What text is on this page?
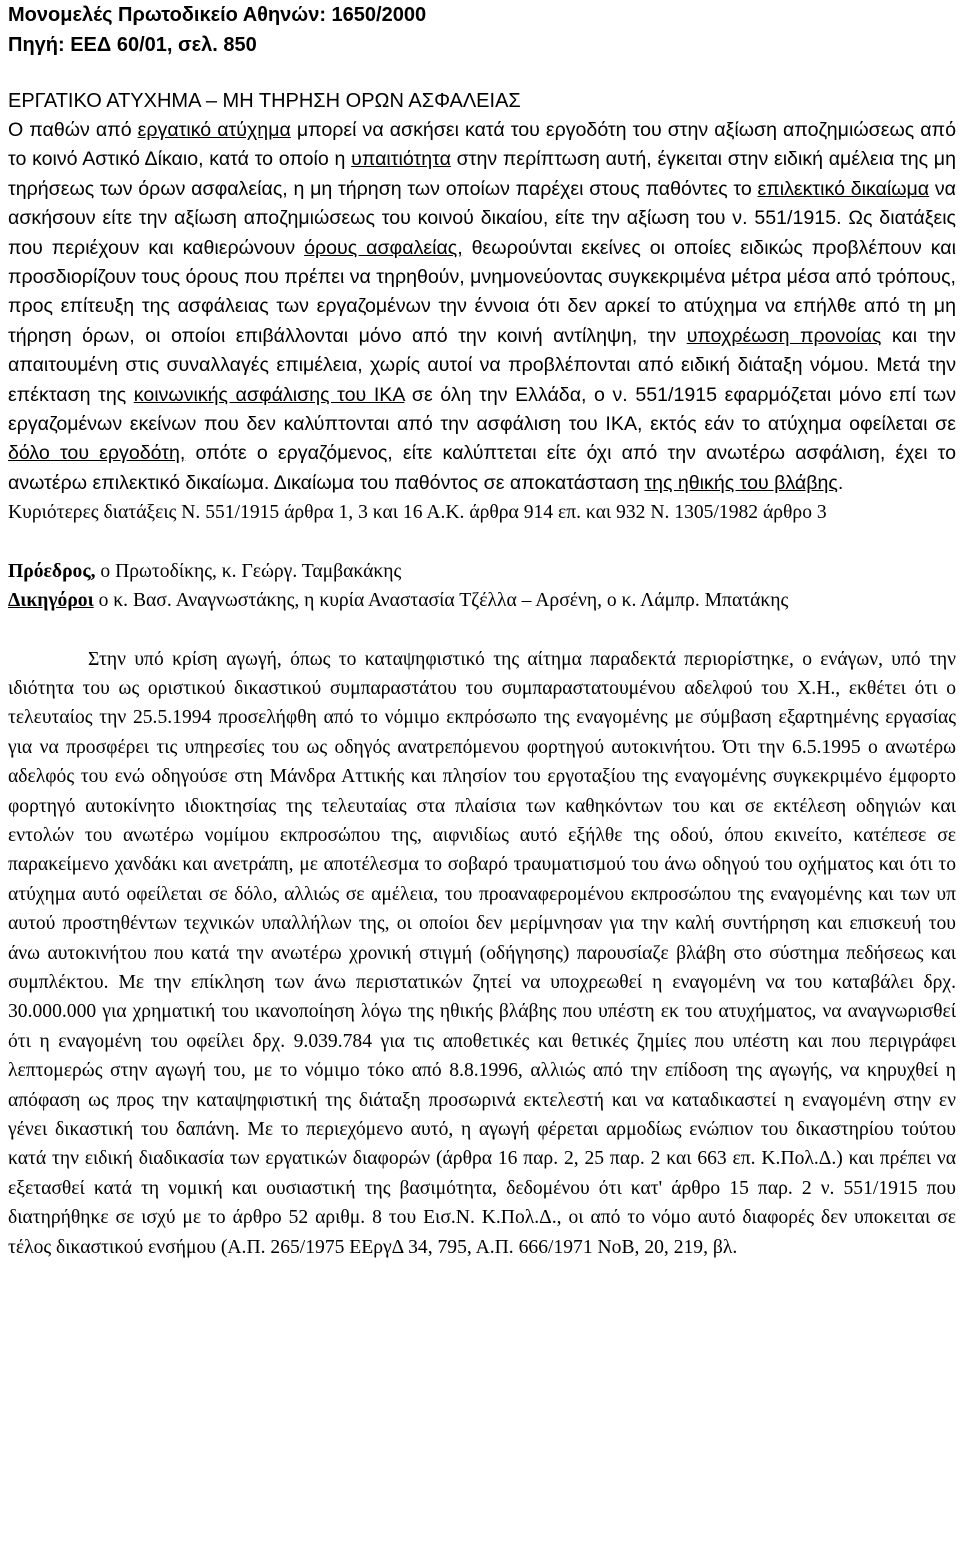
Μονομελές Πρωτοδικείο Αθηνών: 1650/2000
Πηγή: ΕΕΔ 60/01, σελ. 850
ΕΡΓΑΤΙΚΟ ΑΤΥΧΗΜΑ – ΜΗ ΤΗΡΗΣΗ ΟΡΩΝ ΑΣΦΑΛΕΙΑΣ

Ο παθών από εργατικό ατύχημα μπορεί να ασκήσει κατά του εργοδότη του στην αξίωση αποζημιώσεως από το κοινό Αστικό Δίκαιο, κατά το οποίο η υπαιτιότητα στην περίπτωση αυτή, έγκειται στην ειδική αμέλεια της μη τηρήσεως των όρων ασφαλείας, η μη τήρηση των οποίων παρέχει στους παθόντες το επιλεκτικό δικαίωμα να ασκήσουν είτε την αξίωση αποζημιώσεως του κοινού δικαίου, είτε την αξίωση του ν. 551/1915. Ως διατάξεις που περιέχουν και καθιερώνουν όρους ασφαλείας, θεωρούνται εκείνες οι οποίες ειδικώς προβλέπουν και προσδιορίζουν τους όρους που πρέπει να τηρηθούν, μνημονεύοντας συγκεκριμένα μέτρα μέσα από τρόπους, προς επίτευξη της ασφάλειας των εργαζομένων την έννοια ότι δεν αρκεί το ατύχημα να επήλθε από τη μη τήρηση όρων, οι οποίοι επιβάλλονται μόνο από την κοινή αντίληψη, την υποχρέωση προνοίας και την απαιτουμένη στις συναλλαγές επιμέλεια, χωρίς αυτοί να προβλέπονται από ειδική διάταξη νόμου. Μετά την επέκταση της κοινωνικής ασφάλισης του ΙΚΑ σε όλη την Ελλάδα, ο ν. 551/1915 εφαρμόζεται μόνο επί των εργαζομένων εκείνων που δεν καλύπτονται από την ασφάλιση του ΙΚΑ, εκτός εάν το ατύχημα οφείλεται σε δόλο του εργοδότη, οπότε ο εργαζόμενος, είτε καλύπτεται είτε όχι από την ανωτέρω ασφάλιση, έχει το ανωτέρω επιλεκτικό δικαίωμα. Δικαίωμα του παθόντος σε αποκατάσταση της ηθικής του βλάβης.

Κυριότερες διατάξεις Ν. 551/1915 άρθρα 1, 3 και 16 Α.Κ. άρθρα 914 επ. και 932 Ν. 1305/1982 άρθρο 3

Πρόεδρος, ο Πρωτοδίκης, κ. Γεώργ. Ταμβακάκης

Δικηγόροι ο κ. Βασ. Αναγνωστάκης, η κυρία Αναστασία Τζέλλα – Αρσένη, ο κ. Λάμπρ. Μπατάκης

Στην υπό κρίση αγωγή, όπως το καταψηφιστικό της αίτημα παραδεκτά περιορίστηκε, ο ενάγων, υπό την ιδιότητα του ως οριστικού δικαστικού συμπαραστάτου του συμπαραστατουμένου αδελφού του Χ.Η., εκθέτει ότι ο τελευταίος την 25.5.1994 προσελήφθη από το νόμιμο εκπρόσωπο της εναγομένης με σύμβαση εξαρτημένης εργασίας για να προσφέρει τις υπηρεσίες του ως οδηγός ανατρεπόμενου φορτηγού αυτοκινήτου. Ότι την 6.5.1995 ο ανωτέρω αδελφός του ενώ οδηγούσε στη Μάνδρα Αττικής και πλησίον του εργοταξίου της εναγομένης συγκεκριμένο έμφορτο φορτηγό αυτοκίνητο ιδιοκτησίας της τελευταίας στα πλαίσια των καθηκόντων του και σε εκτέλεση οδηγιών και εντολών του ανωτέρω νομίμου εκπροσώπου της, αιφνιδίως αυτό εξήλθε της οδού, όπου εκινείτο, κατέπεσε σε παρακείμενο χανδάκι και ανετράπη, με αποτέλεσμα το σοβαρό τραυματισμού του άνω οδηγού του οχήματος και ότι το ατύχημα αυτό οφείλεται σε δόλο, αλλιώς σε αμέλεια, του προαναφερομένου εκπροσώπου της εναγομένης και των υπ αυτού προστηθέντων τεχνικών υπαλλήλων της, οι οποίοι δεν μερίμνησαν για την καλή συντήρηση και επισκευή του άνω αυτοκινήτου που κατά την ανωτέρω χρονική στιγμή (οδήγησης) παρουσίαζε βλάβη στο σύστημα πεδήσεως και συμπλέκτου. Με την επίκληση των άνω περιστατικών ζητεί να υποχρεωθεί η εναγομένη να του καταβάλει δρχ. 30.000.000 για χρηματική του ικανοποίηση λόγω της ηθικής βλάβης που υπέστη εκ του ατυχήματος, να αναγνωρισθεί ότι η εναγομένη του οφείλει δρχ. 9.039.784 για τις αποθετικές και θετικές ζημίες που υπέστη και που περιγράφει λεπτομερώς στην αγωγή του, με το νόμιμο τόκο από 8.8.1996, αλλιώς από την επίδοση της αγωγής, να κηρυχθεί η απόφαση ως προς την καταψηφιστική της διάταξη προσωρινά εκτελεστή και να καταδικαστεί η εναγομένη στην εν γένει δικαστική του δαπάνη. Με το περιεχόμενο αυτό, η αγωγή φέρεται αρμοδίως ενώπιον του δικαστηρίου τούτου κατά την ειδική διαδικασία των εργατικών διαφορών (άρθρα 16 παρ. 2, 25 παρ. 2 και 663 επ. Κ.Πολ.Δ.) και πρέπει να εξετασθεί κατά τη νομική και ουσιαστική της βασιμότητα, δεδομένου ότι κατ' άρθρο 15 παρ. 2 ν. 551/1915 που διατηρήθηκε σε ισχύ με το άρθρο 52 αριθμ. 8 του Εισ.Ν. Κ.Πολ.Δ., οι από το νόμο αυτό διαφορές δεν υποκειται σε τέλος δικαστικού ενσήμου (Α.Π. 265/1975 ΕΕργΔ 34, 795, Α.Π. 666/1971 ΝοΒ, 20, 219, βλ.
